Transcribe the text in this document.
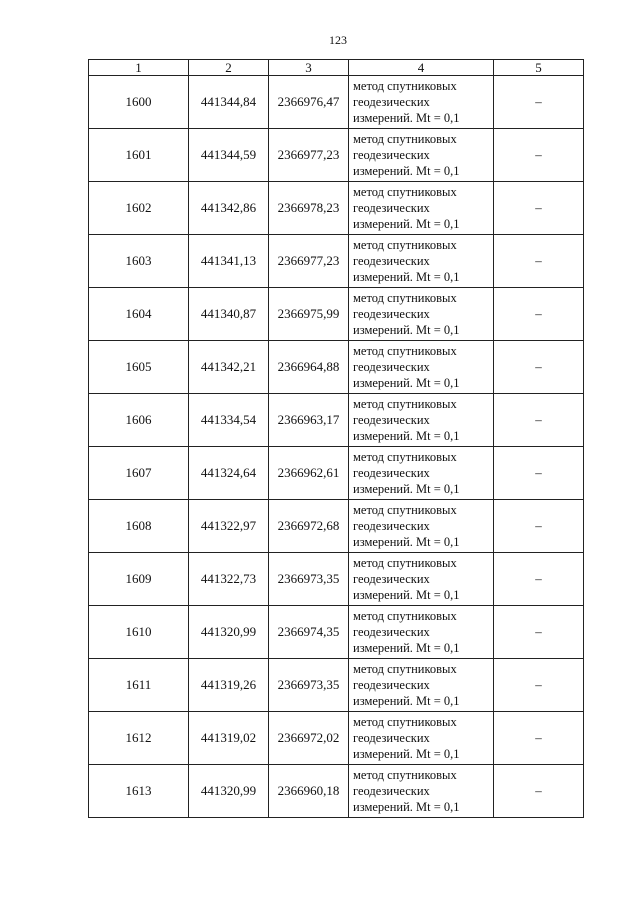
123
1	2	3	4	5
1600	441344,84	2366976,47	метод спутниковых
геодезических
измерений. Mt = 0,1	–
1601	441344,59	2366977,23	метод спутниковых
геодезических
измерений. Mt = 0,1	–
1602	441342,86	2366978,23	метод спутниковых
геодезических
измерений. Mt = 0,1	–
1603	441341,13	2366977,23	метод спутниковых
геодезических
измерений. Mt = 0,1	–
1604	441340,87	2366975,99	метод спутниковых
геодезических
измерений. Mt = 0,1	–
1605	441342,21	2366964,88	метод спутниковых
геодезических
измерений. Mt = 0,1	–
1606	441334,54	2366963,17	метод спутниковых
геодезических
измерений. Mt = 0,1	–
1607	441324,64	2366962,61	метод спутниковых
геодезических
измерений. Mt = 0,1	–
1608	441322,97	2366972,68	метод спутниковых
геодезических
измерений. Mt = 0,1	–
1609	441322,73	2366973,35	метод спутниковых
геодезических
измерений. Mt = 0,1	–
1610	441320,99	2366974,35	метод спутниковых
геодезических
измерений. Mt = 0,1	–
1611	441319,26	2366973,35	метод спутниковых
геодезических
измерений. Mt = 0,1	–
1612	441319,02	2366972,02	метод спутниковых
геодезических
измерений. Mt = 0,1	–
1613	441320,99	2366960,18	метод спутниковых
геодезических
измерений. Mt = 0,1	–
